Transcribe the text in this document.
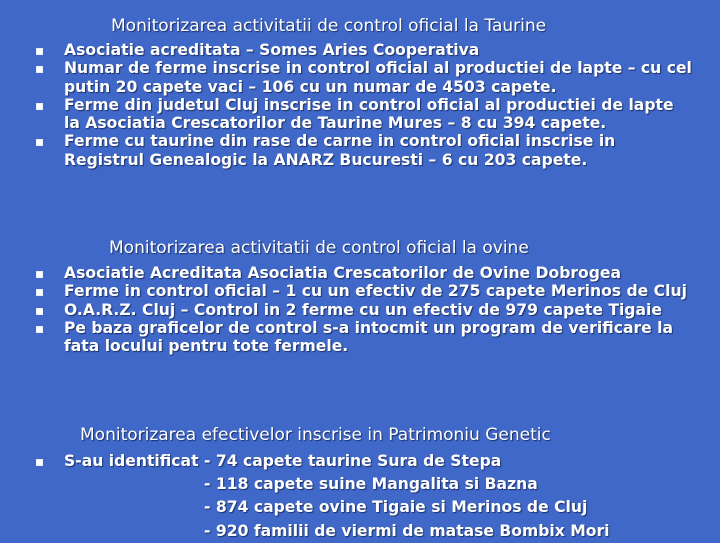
Monitorizarea activitatii de control oficial la Taurine
Asociatie acreditata – Somes Aries Cooperativa
Numar de ferme inscrise in control oficial al productiei de lapte – cu cel putin 20 capete vaci – 106 cu un numar de 4503 capete.
Ferme din judetul Cluj inscrise in control oficial al productiei de lapte la Asociatia Crescatorilor de Taurine Mures – 8 cu 394 capete.
Ferme cu taurine din rase de carne in control oficial inscrise in Registrul Genealogic la ANARZ Bucuresti – 6 cu 203 capete.
Monitorizarea activitatii de control oficial la ovine
Asociatie Acreditata Asociatia Crescatorilor de Ovine Dobrogea
Ferme in control oficial – 1 cu un efectiv de 275 capete Merinos de Cluj
O.A.R.Z. Cluj – Control in 2 ferme cu un efectiv de 979 capete Tigaie
Pe baza graficelor de control s-a intocmit un program de verificare la fata locului pentru tote fermele.
Monitorizarea efectivelor inscrise in Patrimoniu Genetic
S-au identificat - 74 capete taurine Sura de Stepa
- 118 capete suine Mangalita si Bazna
- 874 capete ovine Tigaie si Merinos de Cluj
- 920 familii de viermi de matase Bombix Mori
